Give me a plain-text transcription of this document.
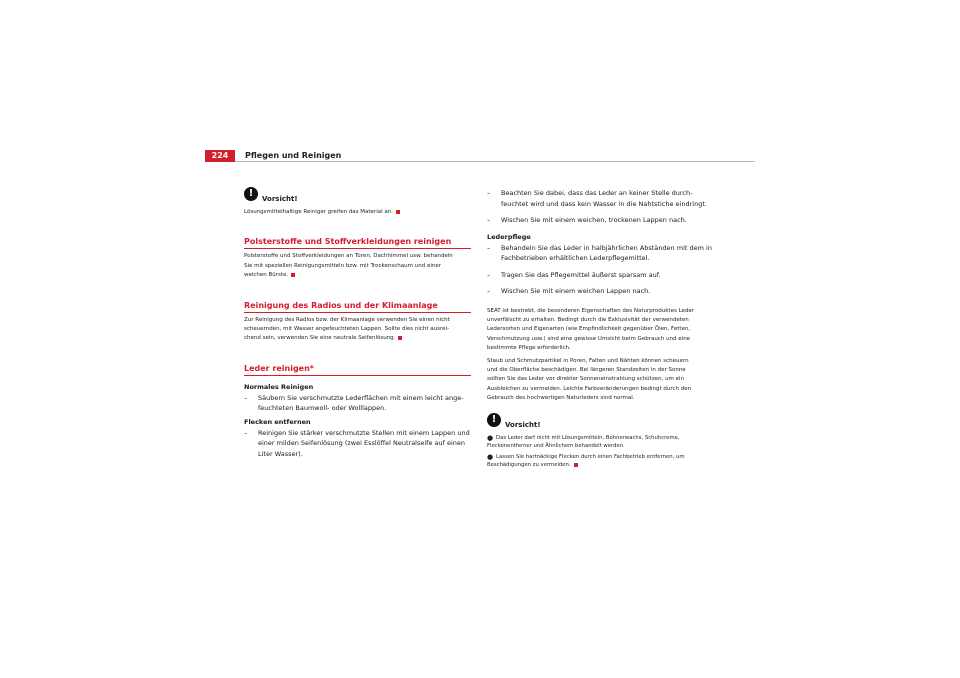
224	Pflegen und Reinigen
!	Vorsicht!
Lösungsmittelhaltige Reiniger greifen das Material an.
Polsterstoffe und Stoffverkleidungen reinigen
Polsterstoffe und Stoffverkleidungen an Türen, Dachhimmel usw. behandeln
Sie mit speziellen Reinigungsmitteln bzw. mit Trockenschaum und einer
weichen Bürste.
Reinigung des Radios und der Klimaanlage
Zur Reinigung des Radios bzw. der Klimaanlage verwenden Sie einen nicht
scheuernden, mit Wasser angefeuchteten Lappen. Sollte dies nicht ausrei-
chend sein, verwenden Sie eine neutrale Seifenlösung.
Leder reinigen*
Normales Reinigen
–	Säubern Sie verschmutzte Lederflächen mit einem leicht ange-
feuchteten Baumwoll- oder Wolllappen.
Flecken entfernen
–	Reinigen Sie stärker verschmutzte Stellen mit einem Lappen und
einer milden Seifenlösung (zwei Esslöffel Neutralseife auf einen
Liter Wasser).
–	Beachten Sie dabei, dass das Leder an keiner Stelle durch-
feuchtet wird und dass kein Wasser in die Nahtstiche eindringt.
–	Wischen Sie mit einem weichen, trockenen Lappen nach.
Lederpflege
–	Behandeln Sie das Leder in halbjährlichen Abständen mit dem in
Fachbetrieben erhältlichen Lederpflegemittel.
–	Tragen Sie das Pflegemittel äußerst sparsam auf.
–	Wischen Sie mit einem weichen Lappen nach.
SEAT ist bestrebt, die besonderen Eigenschaften des Naturproduktes Leder
unverfälscht zu erhalten. Bedingt durch die Exklusivität der verwendeten
Ledersorten und Eigenarten (wie Empfindlichkeit gegenüber Ölen, Fetten,
Verschmutzung usw.) sind eine gewisse Umsicht beim Gebrauch und eine
bestimmte Pflege erforderlich.
Staub und Schmutzpartikel in Poren, Falten und Nähten können scheuern
und die Oberfläche beschädigen. Bei längeren Standzeiten in der Sonne
sollten Sie das Leder vor direkter Sonneneinstrahlung schützen, um ein
Ausbleichen zu vermeiden. Leichte Farbveränderungen bedingt durch den
Gebrauch des hochwertigen Naturleders sind normal.
!	Vorsicht!
● Das Leder darf nicht mit Lösungsmitteln, Bohnerwachs, Schuhcreme,
Fleckenentferner und Ähnlichem behandelt werden.
● Lassen Sie hartnäckige Flecken durch einen Fachbetrieb entfernen, um
Beschädigungen zu vermeiden.
